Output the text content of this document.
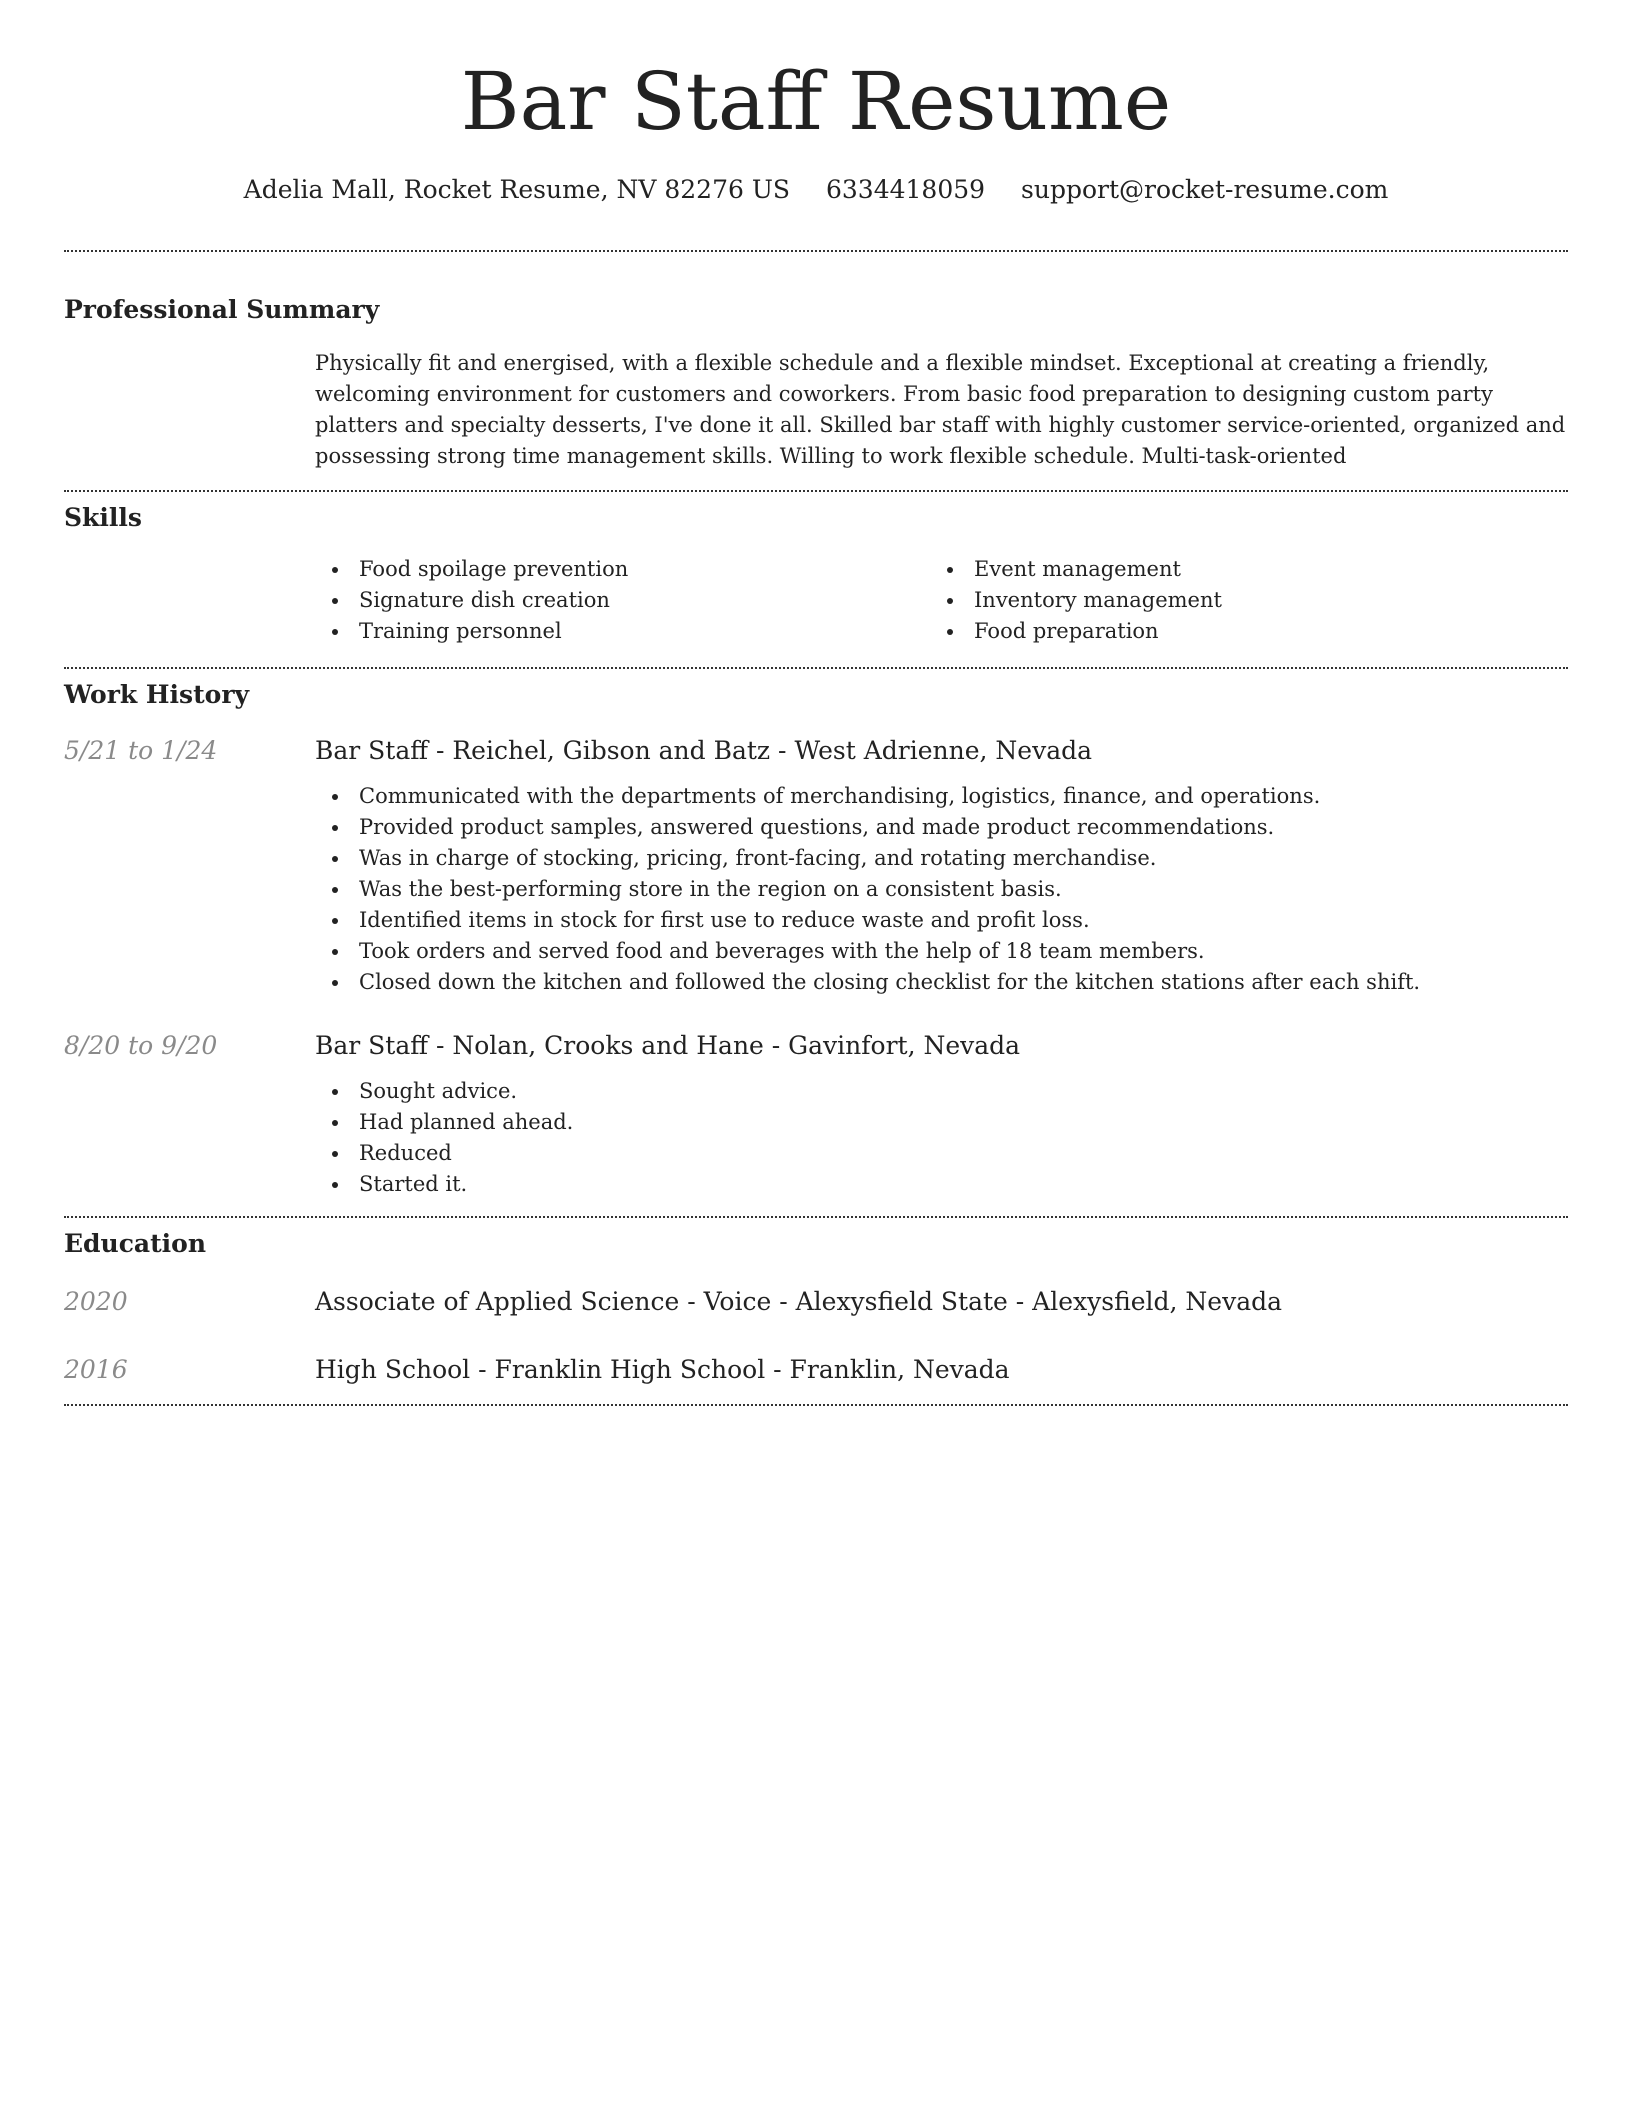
Bar Staff Resume
Adelia Mall, Rocket Resume, NV 82276 US 6334418059 support@rocket-resume.com
Professional Summary

Physically fit and energised, with a flexible schedule and a flexible mindset. Exceptional at creating a friendly, welcoming environment for customers and coworkers. From basic food preparation to designing custom party platters and specialty desserts, I've done it all. Skilled bar staff with highly customer service-oriented, organized and possessing strong time management skills. Willing to work flexible schedule. Multi-task-oriented

Skills
Food spoilage prevention
Signature dish creation
Training personnel
Event management
Inventory management
Food preparation
Work History
5/21 to 1/24	Bar Staff - Reichel, Gibson and Batz - West Adrienne, Nevada
Communicated with the departments of merchandising, logistics, finance, and operations.
Provided product samples, answered questions, and made product recommendations.
Was in charge of stocking, pricing, front-facing, and rotating merchandise.
Was the best-performing store in the region on a consistent basis.
Identified items in stock for first use to reduce waste and profit loss.
Took orders and served food and beverages with the help of 18 team members.
Closed down the kitchen and followed the closing checklist for the kitchen stations after each shift.
8/20 to 9/20	Bar Staff - Nolan, Crooks and Hane - Gavinfort, Nevada
Sought advice.
Had planned ahead.
Reduced
Started it.
Education
2020	Associate of Applied Science - Voice - Alexysfield State - Alexysfield, Nevada
2016	High School - Franklin High School - Franklin, Nevada
